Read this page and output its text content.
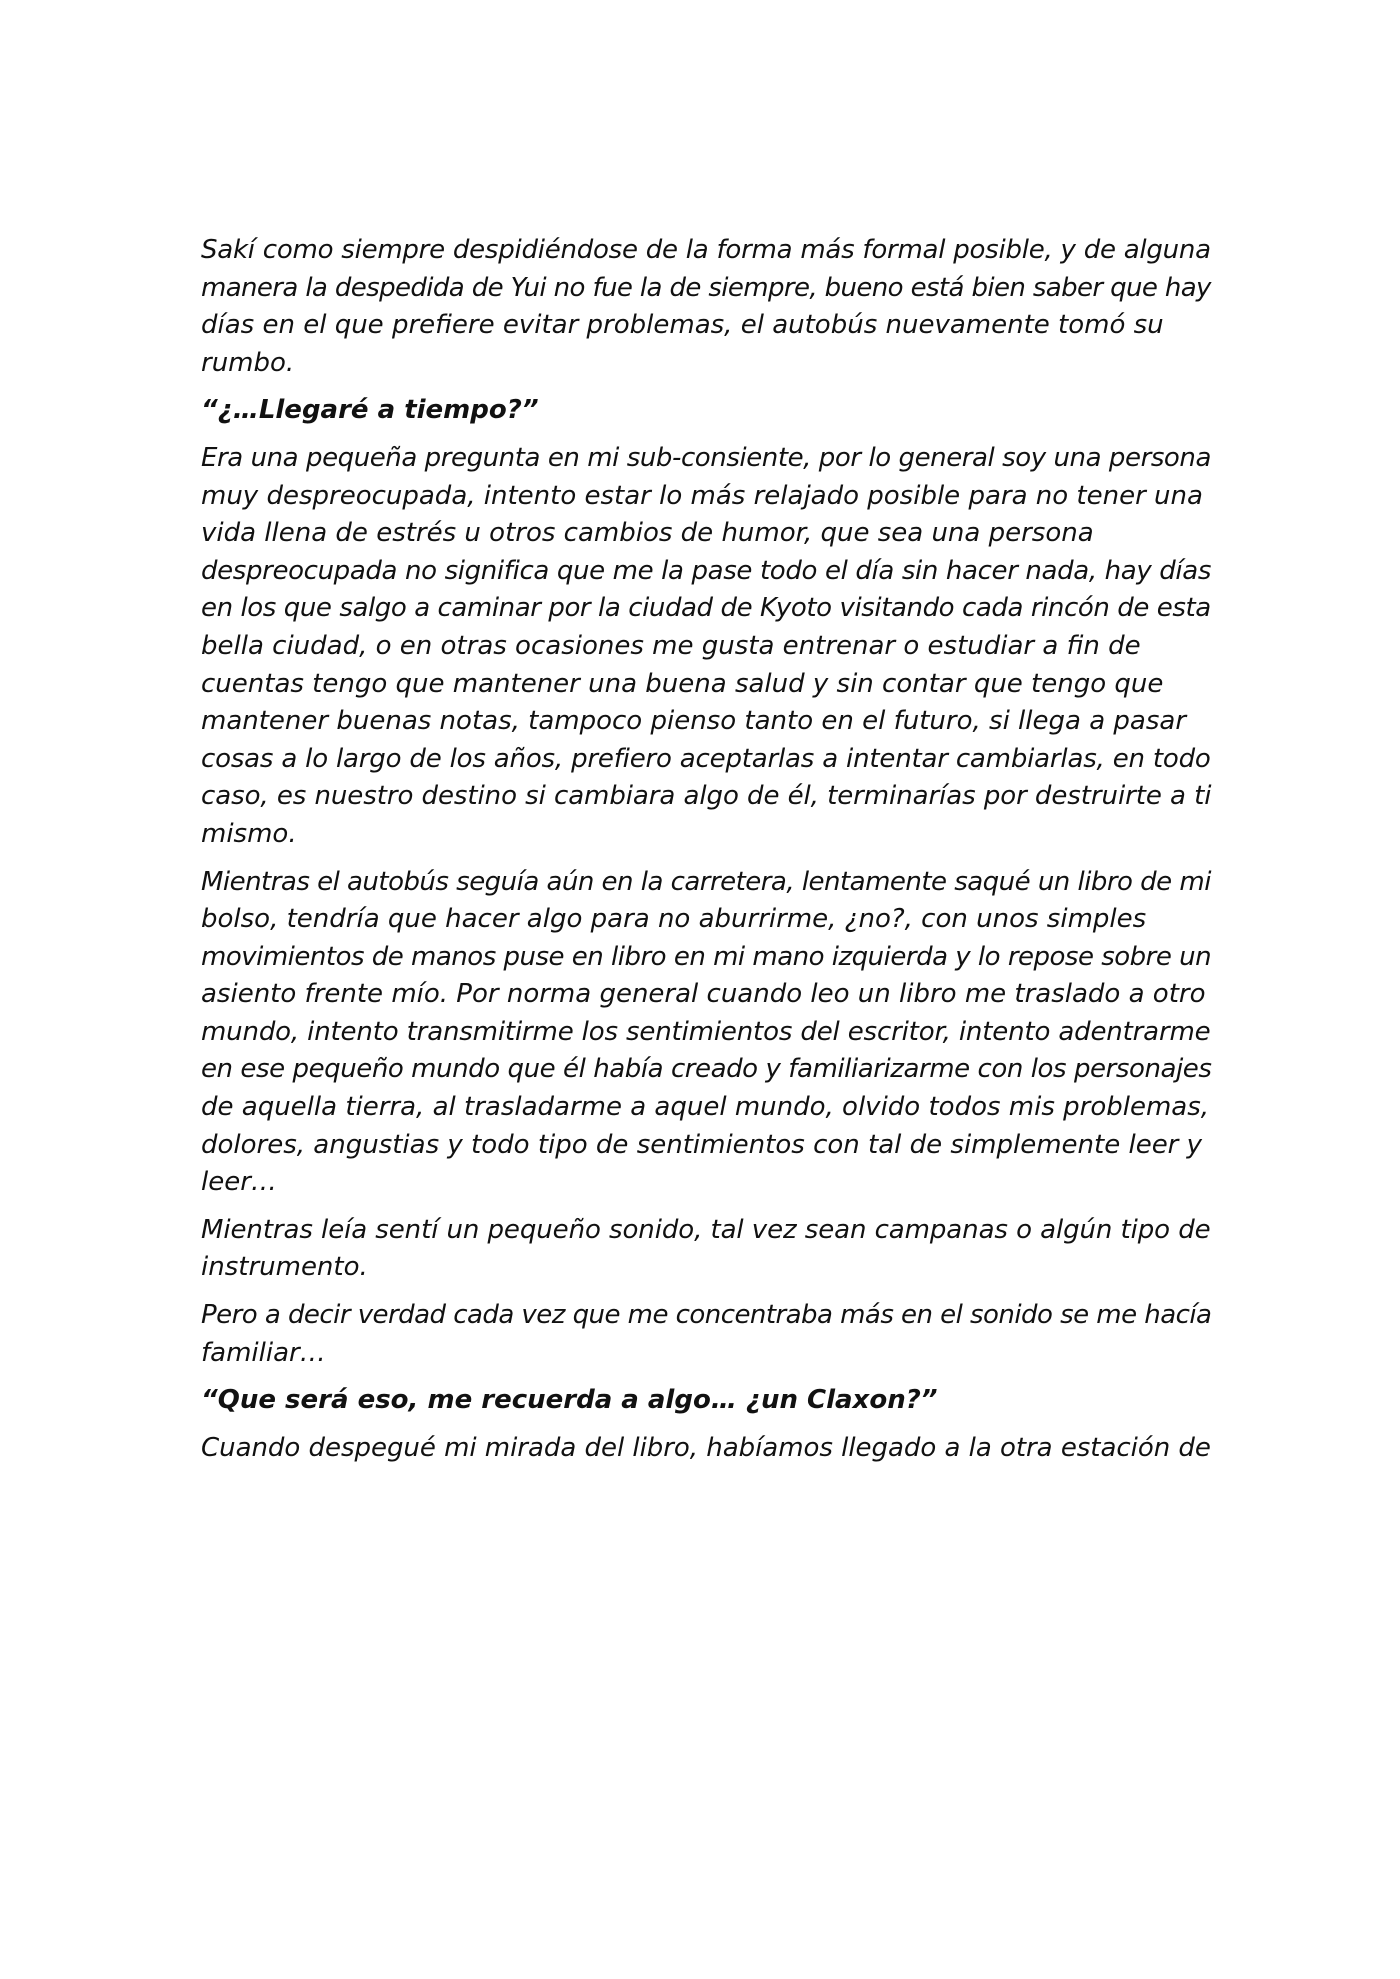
Sakí como siempre despidiéndose de la forma más formal posible, y de alguna
manera la despedida de Yui no fue la de siempre, bueno está bien saber que hay
días en el que prefiere evitar problemas, el autobús nuevamente tomó su
rumbo.

“¿…Llegaré a tiempo?”

Era una pequeña pregunta en mi sub-consiente, por lo general soy una persona
muy despreocupada, intento estar lo más relajado posible para no tener una
vida llena de estrés u otros cambios de humor, que sea una persona
despreocupada no significa que me la pase todo el día sin hacer nada, hay días
en los que salgo a caminar por la ciudad de Kyoto visitando cada rincón de esta
bella ciudad, o en otras ocasiones me gusta entrenar o estudiar a fin de
cuentas tengo que mantener una buena salud y sin contar que tengo que
mantener buenas notas, tampoco pienso tanto en el futuro, si llega a pasar
cosas a lo largo de los años, prefiero aceptarlas a intentar cambiarlas, en todo
caso, es nuestro destino si cambiara algo de él, terminarías por destruirte a ti
mismo.

Mientras el autobús seguía aún en la carretera, lentamente saqué un libro de mi
bolso, tendría que hacer algo para no aburrirme, ¿no?, con unos simples
movimientos de manos puse en libro en mi mano izquierda y lo repose sobre un
asiento frente mío. Por norma general cuando leo un libro me traslado a otro
mundo, intento transmitirme los sentimientos del escritor, intento adentrarme
en ese pequeño mundo que él había creado y familiarizarme con los personajes
de aquella tierra, al trasladarme a aquel mundo, olvido todos mis problemas,
dolores, angustias y todo tipo de sentimientos con tal de simplemente leer y
leer…

Mientras leía sentí un pequeño sonido, tal vez sean campanas o algún tipo de
instrumento.

Pero a decir verdad cada vez que me concentraba más en el sonido se me hacía
familiar…

“Que será eso, me recuerda a algo… ¿un Claxon?”

Cuando despegué mi mirada del libro, habíamos llegado a la otra estación de
